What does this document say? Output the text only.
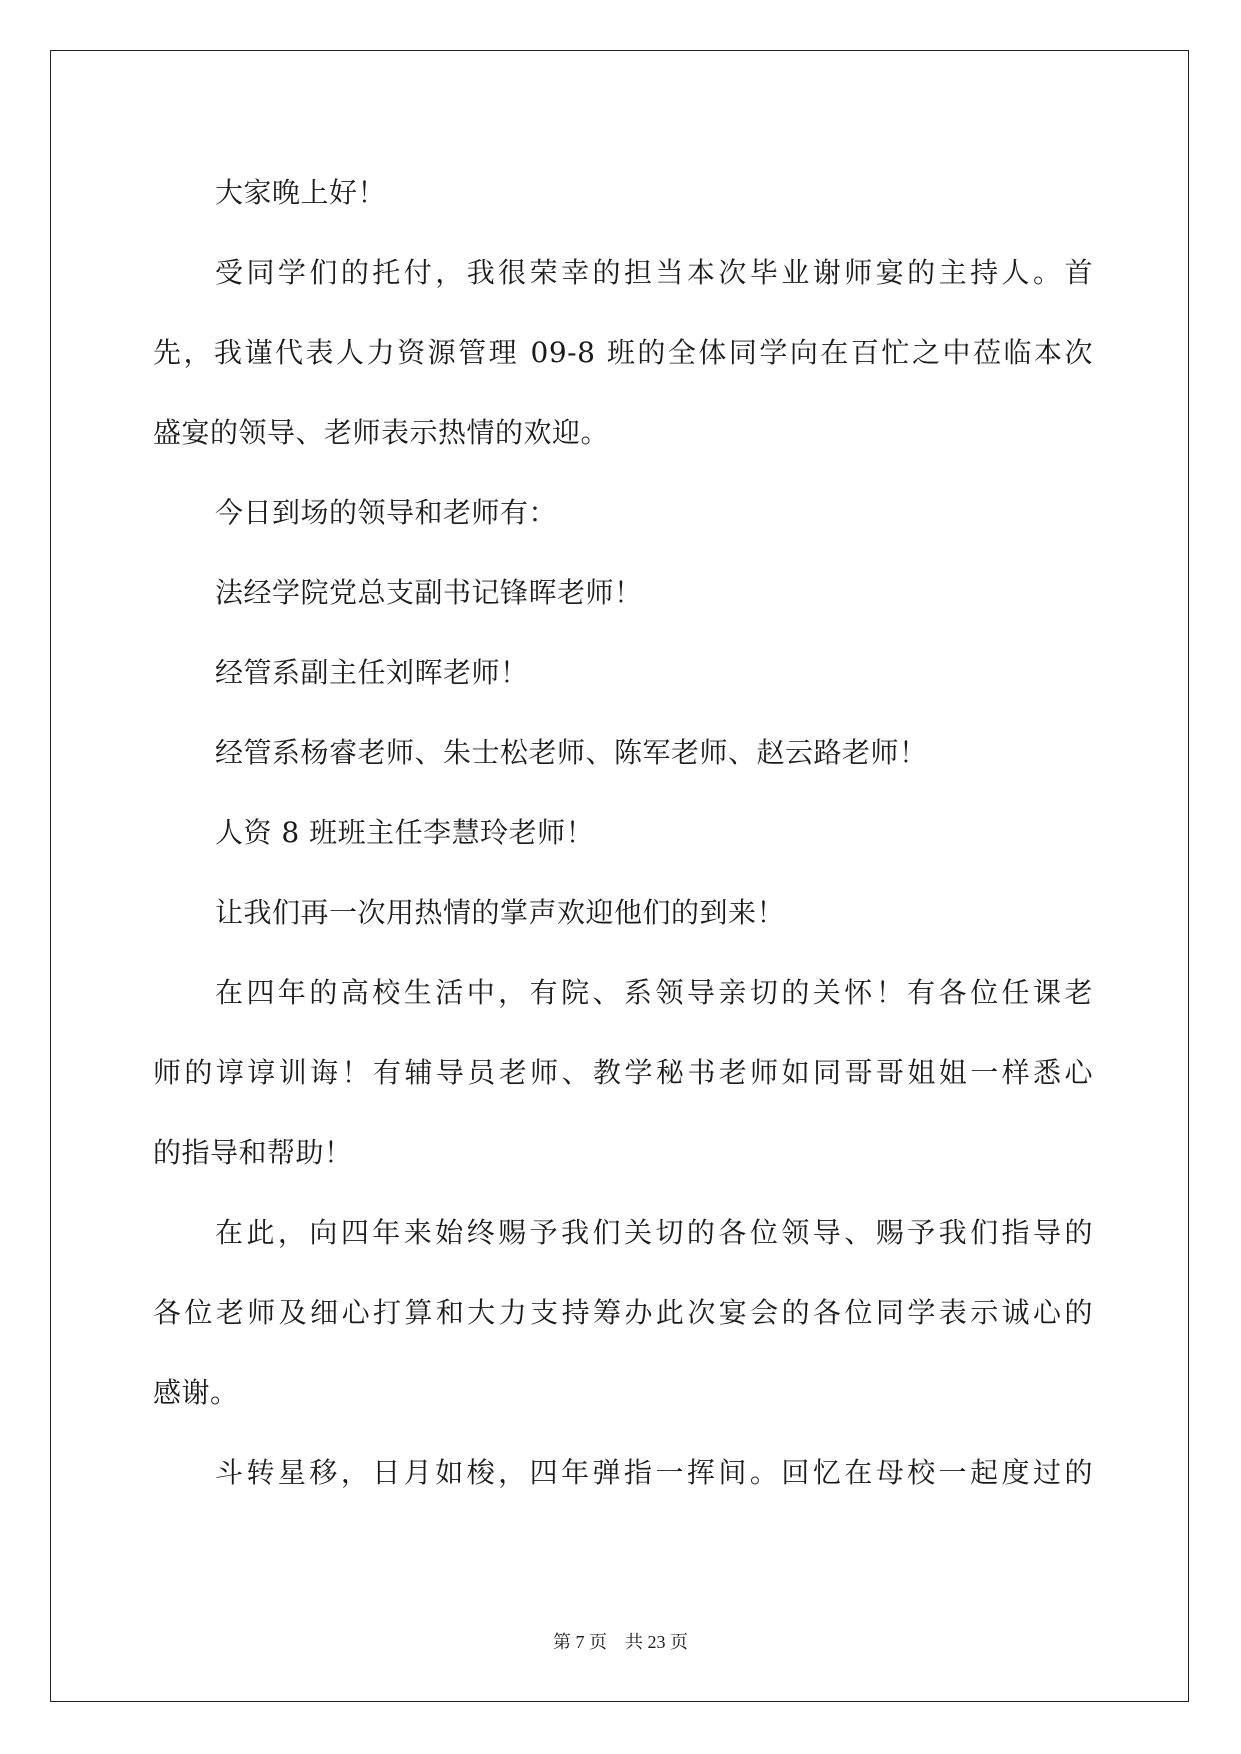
大家晚上好！
受同学们的托付，我很荣幸的担当本次毕业谢师宴的主持人。首
先，我谨代表人力资源管理 09-8 班的全体同学向在百忙之中莅临本次
盛宴的领导、老师表示热情的欢迎。
今日到场的领导和老师有：
法经学院党总支副书记锋晖老师！
经管系副主任刘晖老师！
经管系杨睿老师、朱士松老师、陈军老师、赵云路老师！
人资 8 班班主任李慧玲老师！
让我们再一次用热情的掌声欢迎他们的到来！
在四年的高校生活中，有院、系领导亲切的关怀！有各位任课老
师的谆谆训诲！有辅导员老师、教学秘书老师如同哥哥姐姐一样悉心
的指导和帮助！
在此，向四年来始终赐予我们关切的各位领导、赐予我们指导的
各位老师及细心打算和大力支持筹办此次宴会的各位同学表示诚心的
感谢。
斗转星移，日月如梭，四年弹指一挥间。回忆在母校一起度过的
第 7 页 共 23 页
